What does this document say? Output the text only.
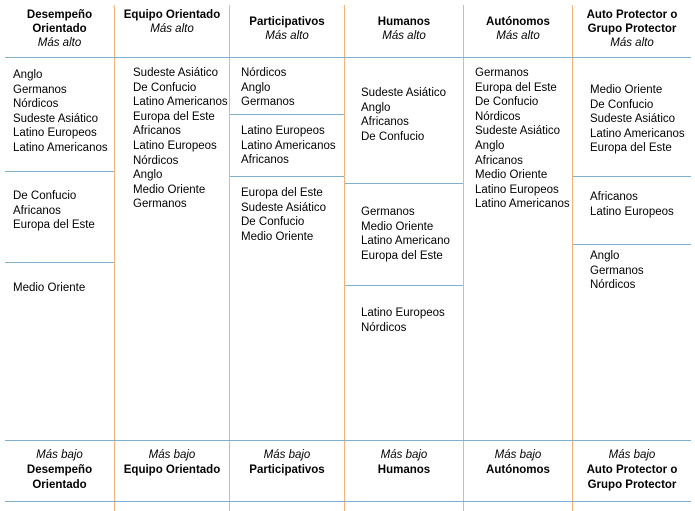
Desempeño Orientado
Más alto
Anglo
Germanos
Nórdicos
Sudeste Asiático
Latino Europeos
Latino Americanos
De Confucio
Africanos
Europa del Este
Medio Oriente
Más bajo
Desempeño Orientado
Equipo Orientado
Más alto
Sudeste Asiático
De Confucio
Latino Americanos
Europa del Este
Africanos
Latino Europeos
Nórdicos
Anglo
Medio Oriente
Germanos
Más bajo
Equipo Orientado
Participativos
Más alto
Nórdicos
Anglo
Germanos
Latino Europeos
Latino Americanos
Africanos
Europa del Este
Sudeste Asiático
De Confucio
Medio Oriente
Más bajo
Participativos
Humanos
Más alto
Sudeste Asiático
Anglo
Africanos
De Confucio
Germanos
Medio Oriente
Latino Americano
Europa del Este
Latino Europeos
Nórdicos
Más bajo
Humanos
Autónomos
Más alto
Germanos
Europa del Este
De Confucio
Nórdicos
Sudeste Asiático
Anglo
Africanos
Medio Oriente
Latino Europeos
Latino Americanos
Más bajo
Autónomos
Auto Protector o Grupo Protector
Más alto
Medio Oriente
De Confucio
Sudeste Asiático
Latino Americanos
Europa del Este
Africanos
Latino Europeos
Anglo
Germanos
Nórdicos
Más bajo
Auto Protector o Grupo Protector
